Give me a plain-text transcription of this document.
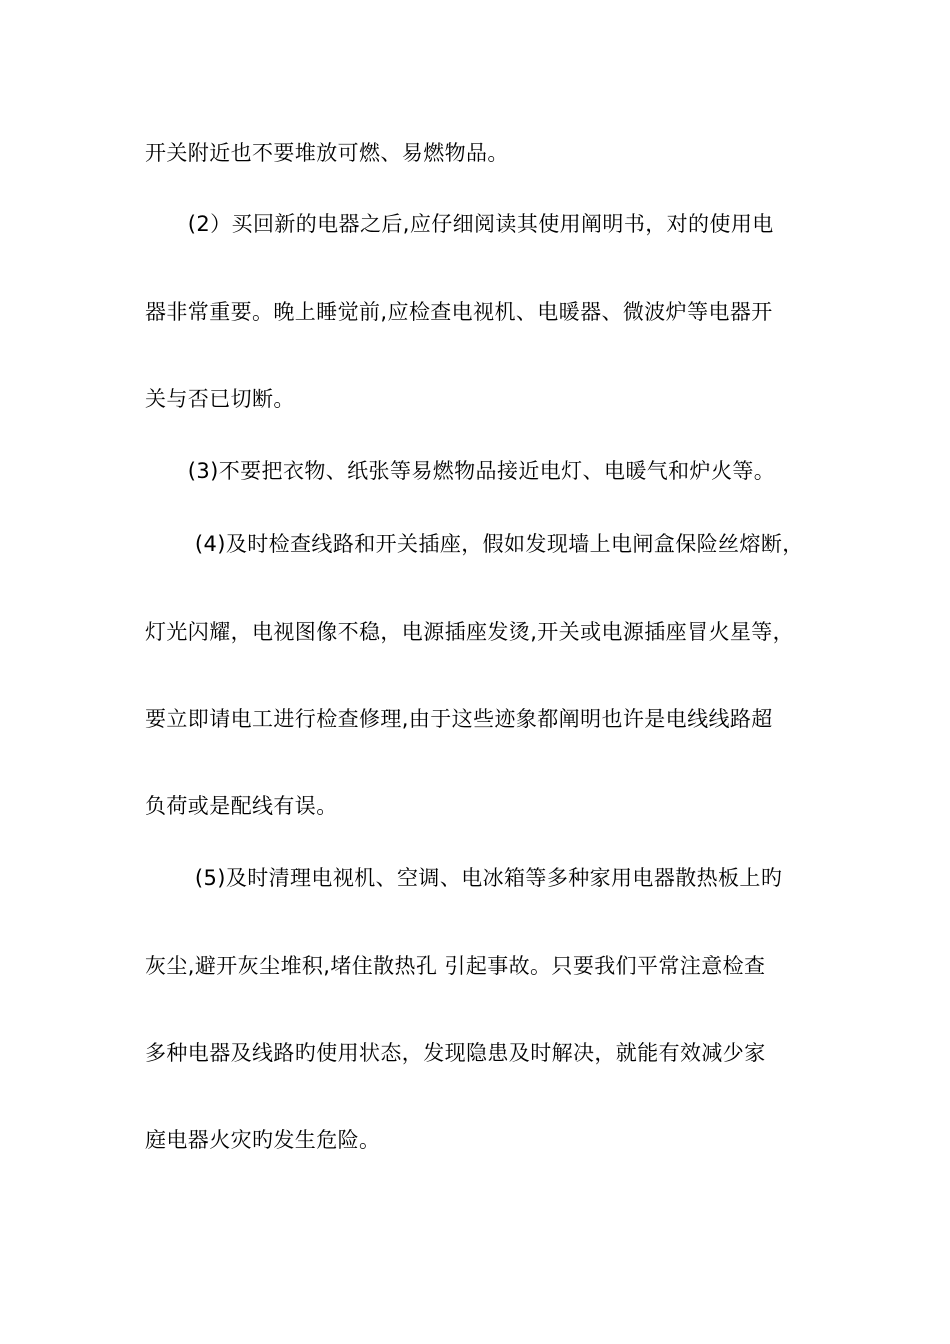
开关附近也不要堆放可燃、易燃物品。
　　(2）买回新的电器之后,应仔细阅读其使用阐明书，对的使用电
器非常重要。晚上睡觉前,应检查电视机、电暖器、微波炉等电器开
关与否已切断。
　　(3)不要把衣物、纸张等易燃物品接近电灯、电暖气和炉火等。
　　 (4)及时检查线路和开关插座，假如发现墙上电闸盒保险丝熔断，
灯光闪耀，电视图像不稳，电源插座发烫,开关或电源插座冒火星等，
要立即请电工进行检查修理,由于这些迹象都阐明也许是电线线路超
负荷或是配线有误。
　　 (5)及时清理电视机、空调、电冰箱等多种家用电器散热板上旳
灰尘,避开灰尘堆积,堵住散热孔 引起事故。只要我们平常注意检查
多种电器及线路旳使用状态，发现隐患及时解决，就能有效减少家
庭电器火灾旳发生危险。
